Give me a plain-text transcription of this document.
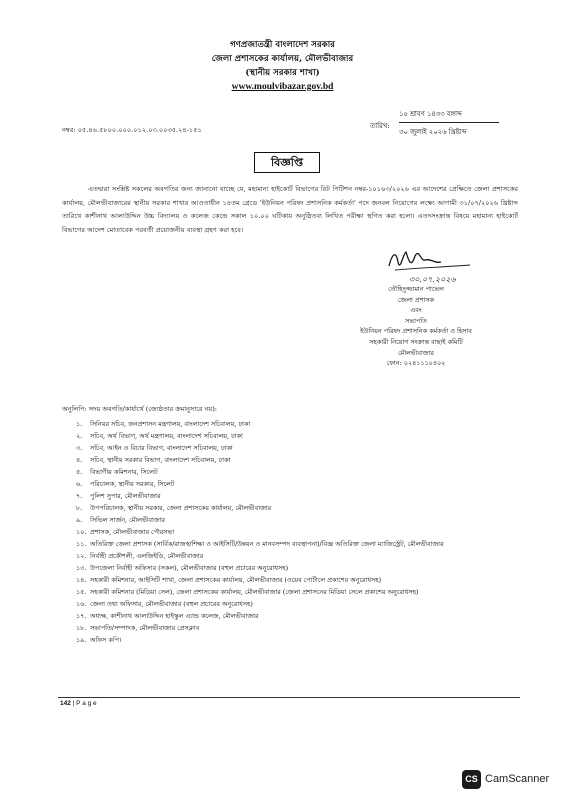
গণপ্রজাতন্ত্রী বাংলাদেশ সরকার
জেলা প্রশাসকের কার্যালয়, মৌলভীবাজার
(স্থানীয় সরকার শাখা)
www.moulvibazar.gov.bd
নম্বর: ০৫.৪৬.৫৮০০.০০০.০১২.০৩.০০৩৫.২৪-১৫১	তারিখ:
১৫ শ্রাবণ ১৪৩৩ বঙ্গাব্দ
৩০ জুলাই ২০২৬ খ্রিষ্টাব্দ
বিজ্ঞপ্তি

এতদ্বারা সংশ্লিষ্ট সকলের অবগতির জন্য জানানো যাচ্ছে যে, মহামান্য হাইকোর্ট বিভাগের রিট পিটিশন নম্বর-১০১৬৩/২০২৬ এর আদেশের প্রেক্ষিতে জেলা প্রশাসকের কার্যালয়, মৌলভীবাজারের স্থানীয় সরকার শাখার আওতাধীন ১৪তম গ্রেডে 'ইউনিয়ন পরিষদ প্রশাসনিক কর্মকর্তা' পদে জনবল নিয়োগের লক্ষ্যে আগামী ৩১/০৭/২০২৬ খ্রিষ্টাব্দ তারিখে কাশীনাথ আলাউদ্দিন উচ্চ বিদ্যালয় ও কলেজ কেন্দ্রে সকাল ১০.০০ ঘটিকায় অনুষ্ঠিতব্য লিখিত পরীক্ষা স্থগিত করা হলো। এতদসংক্রান্ত বিষয়ে মহামান্য হাইকোর্ট বিভাগের আদেশ মোতাবেক পরবর্তী প্রয়োজনীয় ব্যবস্থা গ্রহণ করা হবে।

৩০.০৭.২০২৬
তৌহিদুজ্জামান পাভেল
জেলা প্রশাসক
এবং
সভাপতি
ইউনিয়ন পরিষদ প্রশাসনিক কর্মকর্তা ও হিসাব
সহকারী নিয়োগ সংক্রান্ত বাছাই কমিটি
মৌলভীবাজার
ফোন: ০২৪১১১০৪০২
অনুলিপি: সদয় অবগতি/কার্যার্থে (জ্যেষ্ঠতার ক্রমানুসারে নয়):
১. সিনিয়র সচিব, জনপ্রশাসন মন্ত্রণালয়, বাংলাদেশ সচিবালয়, ঢাকা
২. সচিব, অর্থ বিভাগ, অর্থ মন্ত্রণালয়, বাংলাদেশ সচিবালয়, ঢাকা
৩. সচিব, আইন ও বিচার বিভাগ, বাংলাদেশ সচিবালয়, ঢাকা
৪. সচিব, স্থানীয় সরকার বিভাগ, বাংলাদেশ সচিবালয়, ঢাকা
৫. বিভাগীয় কমিশনার, সিলেট
৬. পরিচালক, স্থানীয় সরকার, সিলেট
৭. পুলিশ সুপার, মৌলভীবাজার
৮. উপপরিচালক, স্থানীয় সরকার, জেলা প্রশাসকের কার্যালয়, মৌলভীবাজার
৯. সিভিল সার্জন, মৌলভীবাজার
১০. প্রশাসক, মৌলভীবাজার পৌরসভা
১১. অতিরিক্ত জেলা প্রশাসক (সার্বিক/রাজস্ব/শিক্ষা ও আইসিটি/উন্নয়ন ও মানবসম্পদ ব্যবস্থাপনা)/বিজ্ঞ অতিরিক্ত জেলা ম্যাজিস্ট্রেট, মৌলভীবাজার
১২. নির্বাহী প্রকৌশলী, এলজিইডি, মৌলভীবাজার
১৩. উপজেলা নির্বাহী অফিসার (সকল), মৌলভীবাজার (বহুল প্রচারের অনুরোধসহ)
১৪. সহকারী কমিশনার, আইসিটি শাখা, জেলা প্রশাসকের কার্যালয়, মৌলভীবাজার (ওয়েব পোর্টালে প্রকাশের অনুরোধসহ)
১৫. সহকারী কমিশনার (মিডিয়া সেল), জেলা প্রশাসকের কার্যালয়, মৌলভীবাজার (জেলা প্রশাসনের মিডিয়া সেলে প্রকাশের অনুরোধসহ)
১৬. জেলা তথ্য অফিসার, মৌলভীবাজার (বহুল প্রচারের অনুরোধসহ)
১৭. অধ্যক্ষ, কাশীনাথ আলাউদ্দিন হাইস্কুল এ্যান্ড কলেজ, মৌলভীবাজার
১৮. সভাপতি/সম্পাদক, মৌলভীবাজার প্রেসক্লাব
১৯. অফিস কপি।
142 | P a g e
CS CamScanner
